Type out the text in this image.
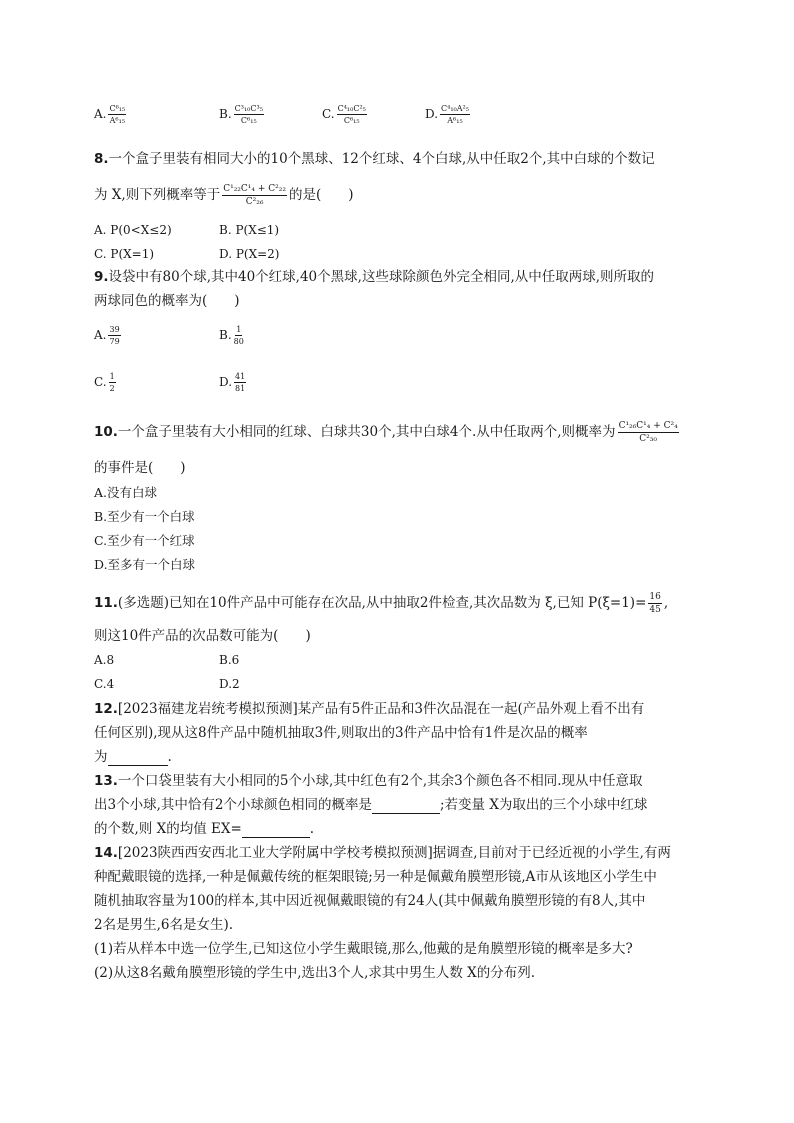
A. $\frac{\text{C⁶₁₅}}{\text{A⁶₁₅}}$	B. $\frac{\text{C³₁₀C³₅}}{\text{C⁶₁₅}}$	C. $\frac{\text{C⁴₁₀C²₅}}{\text{C⁶₁₅}}$	D. $\frac{\text{C⁴₁₀A²₅}}{\text{A⁶₁₅}}$
8.一个盒子里装有相同大小的10个黑球、12个红球、4个白球,从中任取2个,其中白球的个数记
为 X,则下列概率等于 $\frac{\text{C¹₂₂C¹₄ + C²₂₂}}{\text{C²₂₆}}$ 的是(　　)
A. P(0<X≤2)	B. P(X≤1)
C. P(X=1)	D. P(X=2)
9.设袋中有80个球,其中40个红球,40个黑球,这些球除颜色外完全相同,从中任取两球,则所取的
两球同色的概率为(　　)
A. $\frac{39}{79}$	B. $\frac{1}{80}$
C. $\frac{1}{2}$	D. $\frac{41}{81}$
10.一个盒子里装有大小相同的红球、白球共30个,其中白球4个.从中任取两个,则概率为 $\frac{\text{C¹₂₆C¹₄ + C²₄}}{\text{C²₃₀}}$
的事件是(　　)
A.没有白球
B.至少有一个白球
C.至少有一个红球
D.至多有一个白球
11.(多选题)已知在10件产品中可能存在次品,从中抽取2件检查,其次品数为 ξ,已知 $P(\xi=1)= \frac{16}{45}$ ,
则这10件产品的次品数可能为(　　)
A.8	B.6
C.4	D.2
12.[2023福建龙岩统考模拟预测]某产品有5件正品和3件次品混在一起(产品外观上看不出有
任何区别),现从这8件产品中随机抽取3件,则取出的3件产品中恰有1件是次品的概率
为	.
13.一个口袋里装有大小相同的5个小球,其中红色有2个,其余3个颜色各不相同.现从中任意取
出3个小球,其中恰有2个小球颜色相同的概率是	;若变量 X为取出的三个小球中红球
的个数,则 X的均值 EX=	.
14.[2023陕西西安西北工业大学附属中学校考模拟预测]据调查,目前对于已经近视的小学生,有两
种配戴眼镜的选择,一种是佩戴传统的框架眼镜;另一种是佩戴角膜塑形镜,A市从该地区小学生中
随机抽取容量为100的样本,其中因近视佩戴眼镜的有24人(其中佩戴角膜塑形镜的有8人,其中
2名是男生,6名是女生).
(1)若从样本中选一位学生,已知这位小学生戴眼镜,那么,他戴的是角膜塑形镜的概率是多大?
(2)从这8名戴角膜塑形镜的学生中,选出3个人,求其中男生人数 X的分布列.
